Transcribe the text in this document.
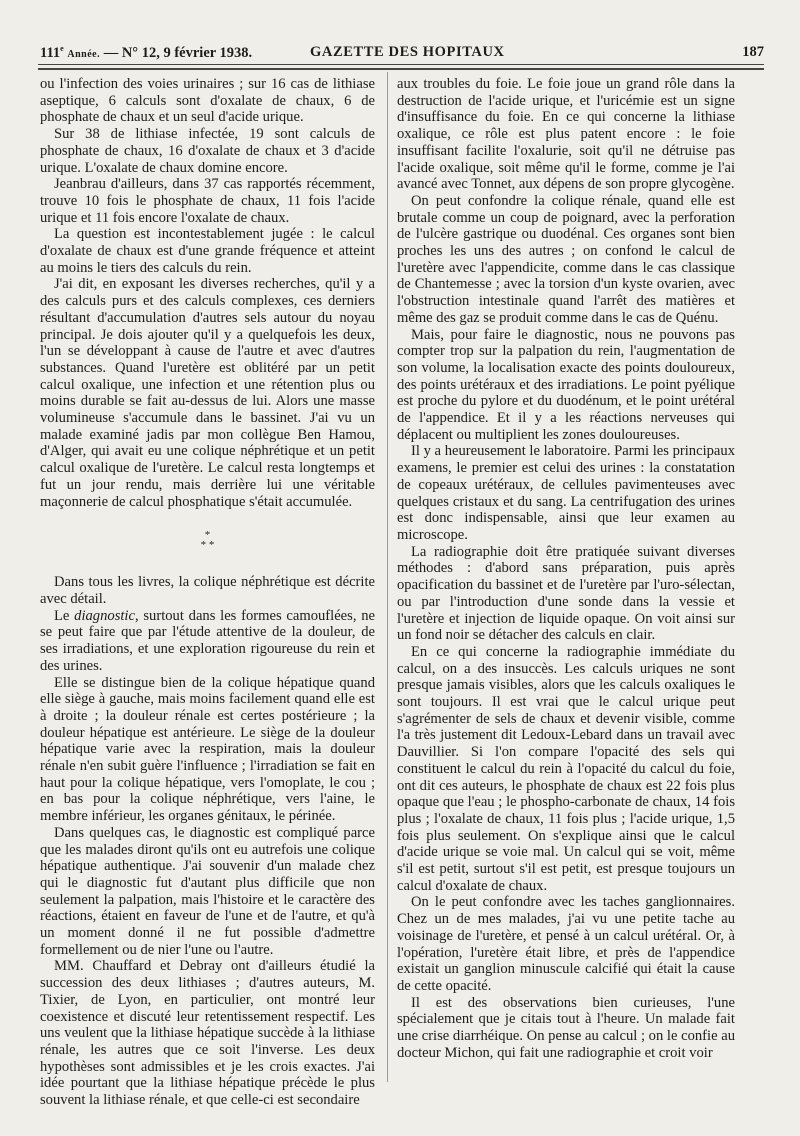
111e Année. — N° 12, 9 février 1938.	GAZETTE DES HOPITAUX	187

ou l'infection des voies urinaires ; sur 16 cas de lithiase aseptique, 6 calculs sont d'oxalate de chaux, 6 de phosphate de chaux et un seul d'acide urique.

Sur 38 de lithiase infectée, 19 sont calculs de phosphate de chaux, 16 d'oxalate de chaux et 3 d'acide urique. L'oxalate de chaux domine encore.

Jeanbrau d'ailleurs, dans 37 cas rapportés récemment, trouve 10 fois le phosphate de chaux, 11 fois l'acide urique et 11 fois encore l'oxalate de chaux.

La question est incontestablement jugée : le calcul d'oxalate de chaux est d'une grande fréquence et atteint au moins le tiers des calculs du rein.

J'ai dit, en exposant les diverses recherches, qu'il y a des calculs purs et des calculs complexes, ces derniers résultant d'accumulation d'autres sels autour du noyau principal. Je dois ajouter qu'il y a quelquefois les deux, l'un se développant à cause de l'autre et avec d'autres substances. Quand l'uretère est oblitéré par un petit calcul oxalique, une infection et une rétention plus ou moins durable se fait au-dessus de lui. Alors une masse volumineuse s'accumule dans le bassinet. J'ai vu un malade examiné jadis par mon collègue Ben Hamou, d'Alger, qui avait eu une colique néphrétique et un petit calcul oxalique de l'uretère. Le calcul resta longtemps et fut un jour rendu, mais derrière lui une véritable maçonnerie de calcul phosphatique s'était accumulée.

*
* *

Dans tous les livres, la colique néphrétique est décrite avec détail.

Le diagnostic, surtout dans les formes camouflées, ne se peut faire que par l'étude attentive de la douleur, de ses irradiations, et une exploration rigoureuse du rein et des urines.

Elle se distingue bien de la colique hépatique quand elle siège à gauche, mais moins facilement quand elle est à droite ; la douleur rénale est certes postérieure ; la douleur hépatique est antérieure. Le siège de la douleur hépatique varie avec la respiration, mais la douleur rénale n'en subit guère l'influence ; l'irradiation se fait en haut pour la colique hépatique, vers l'omoplate, le cou ; en bas pour la colique néphrétique, vers l'aine, le membre inférieur, les organes génitaux, le périnée.

Dans quelques cas, le diagnostic est compliqué parce que les malades diront qu'ils ont eu autrefois une colique hépatique authentique. J'ai souvenir d'un malade chez qui le diagnostic fut d'autant plus difficile que non seulement la palpation, mais l'histoire et le caractère des réactions, étaient en faveur de l'une et de l'autre, et qu'à un moment donné il ne fut possible d'admettre formellement ou de nier l'une ou l'autre.

MM. Chauffard et Debray ont d'ailleurs étudié la succession des deux lithiases ; d'autres auteurs, M. Tixier, de Lyon, en particulier, ont montré leur coexistence et discuté leur retentissement respectif. Les uns veulent que la lithiase hépatique succède à la lithiase rénale, les autres que ce soit l'inverse. Les deux hypothèses sont admissibles et je les crois exactes. J'ai idée pourtant que la lithiase hépatique précède le plus souvent la lithiase rénale, et que celle-ci est secondaire

aux troubles du foie. Le foie joue un grand rôle dans la destruction de l'acide urique, et l'uricémie est un signe d'insuffisance du foie. En ce qui concerne la lithiase oxalique, ce rôle est plus patent encore : le foie insuffisant facilite l'oxalurie, soit qu'il ne détruise pas l'acide oxalique, soit même qu'il le forme, comme je l'ai avancé avec Tonnet, aux dépens de son propre glycogène.

On peut confondre la colique rénale, quand elle est brutale comme un coup de poignard, avec la perforation de l'ulcère gastrique ou duodénal. Ces organes sont bien proches les uns des autres ; on confond le calcul de l'uretère avec l'appendicite, comme dans le cas classique de Chantemesse ; avec la torsion d'un kyste ovarien, avec l'obstruction intestinale quand l'arrêt des matières et même des gaz se produit comme dans le cas de Quénu.

Mais, pour faire le diagnostic, nous ne pouvons pas compter trop sur la palpation du rein, l'augmentation de son volume, la localisation exacte des points douloureux, des points urétéraux et des irradiations. Le point pyélique est proche du pylore et du duodénum, et le point urétéral de l'appendice. Et il y a les réactions nerveuses qui déplacent ou multiplient les zones douloureuses.

Il y a heureusement le laboratoire. Parmi les principaux examens, le premier est celui des urines : la constatation de copeaux urétéraux, de cellules pavimenteuses avec quelques cristaux et du sang. La centrifugation des urines est donc indispensable, ainsi que leur examen au microscope.

La radiographie doit être pratiquée suivant diverses méthodes : d'abord sans préparation, puis après opacification du bassinet et de l'uretère par l'uro-sélectan, ou par l'introduction d'une sonde dans la vessie et l'uretère et injection de liquide opaque. On voit ainsi sur un fond noir se détacher des calculs en clair.

En ce qui concerne la radiographie immédiate du calcul, on a des insuccès. Les calculs uriques ne sont presque jamais visibles, alors que les calculs oxaliques le sont toujours. Il est vrai que le calcul urique peut s'agrémenter de sels de chaux et devenir visible, comme l'a très justement dit Ledoux-Lebard dans un travail avec Dauvillier. Si l'on compare l'opacité des sels qui constituent le calcul du rein à l'opacité du calcul du foie, ont dit ces auteurs, le phosphate de chaux est 22 fois plus opaque que l'eau ; le phospho-carbonate de chaux, 14 fois plus ; l'oxalate de chaux, 11 fois plus ; l'acide urique, 1,5 fois plus seulement. On s'explique ainsi que le calcul d'acide urique se voie mal. Un calcul qui se voit, même s'il est petit, surtout s'il est petit, est presque toujours un calcul d'oxalate de chaux.

On le peut confondre avec les taches ganglionnaires. Chez un de mes malades, j'ai vu une petite tache au voisinage de l'uretère, et pensé à un calcul urétéral. Or, à l'opération, l'uretère était libre, et près de l'appendice existait un ganglion minuscule calcifié qui était la cause de cette opacité.

Il est des observations bien curieuses, l'une spécialement que je citais tout à l'heure. Un malade fait une crise diarrhéique. On pense au calcul ; on le confie au docteur Michon, qui fait une radiographie et croit voir
